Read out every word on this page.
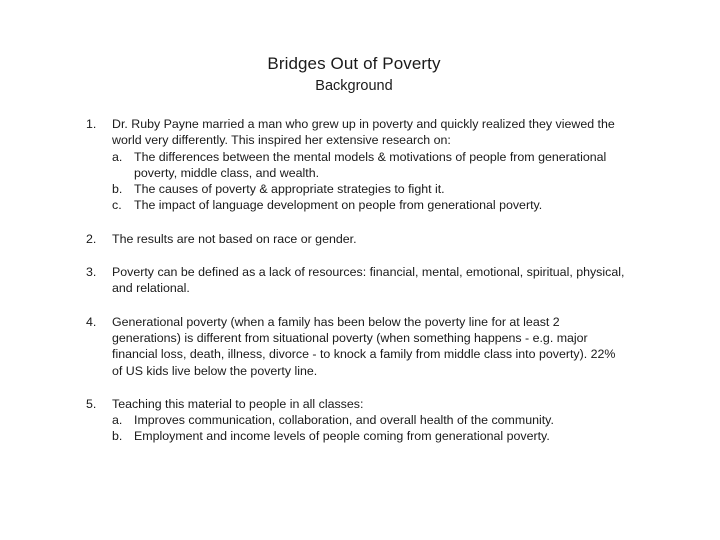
Bridges Out of Poverty
Background
1. Dr. Ruby Payne married a man who grew up in poverty and quickly realized they viewed the world very differently. This inspired her extensive research on:
a. The differences between the mental models & motivations of people from generational poverty, middle class, and wealth.
b. The causes of poverty & appropriate strategies to fight it.
c. The impact of language development on people from generational poverty.
2. The results are not based on race or gender.
3. Poverty can be defined as a lack of resources: financial, mental, emotional, spiritual, physical, and relational.
4. Generational poverty (when a family has been below the poverty line for at least 2 generations) is different from situational poverty (when something happens - e.g. major financial loss, death, illness, divorce - to knock a family from middle class into poverty). 22% of US kids live below the poverty line.
5. Teaching this material to people in all classes:
a. Improves communication, collaboration, and overall health of the community.
b. Employment and income levels of people coming from generational poverty.
